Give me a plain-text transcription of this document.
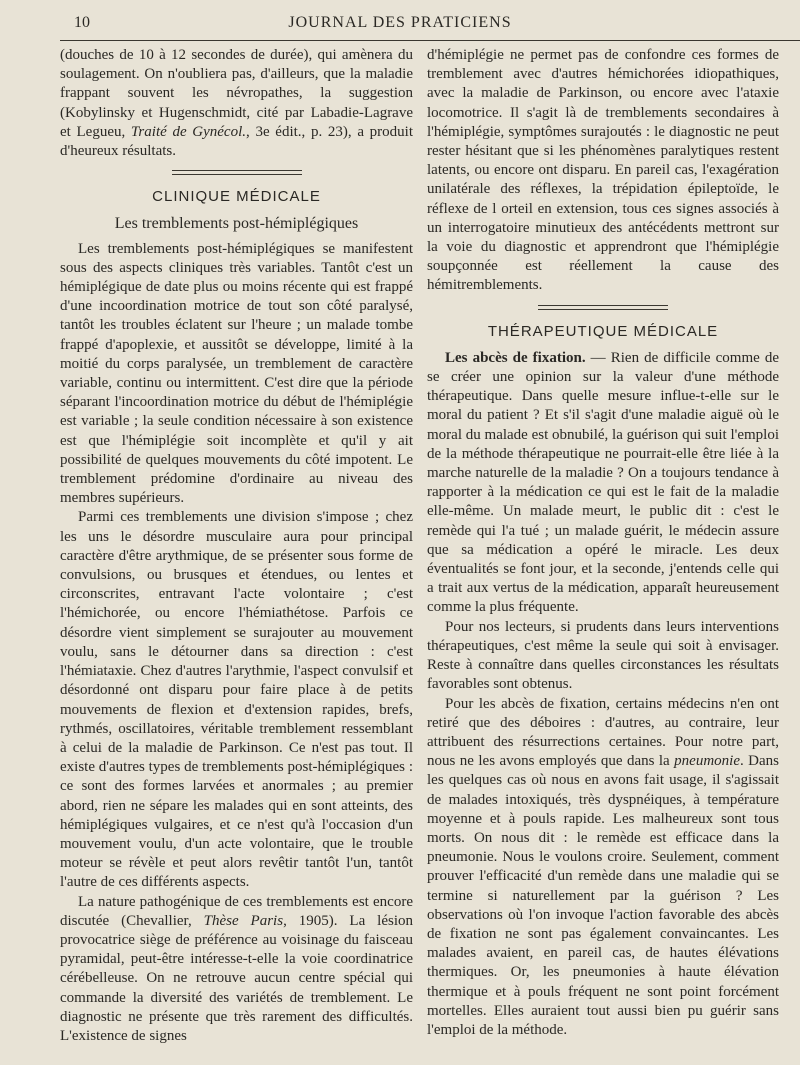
10	JOURNAL DES PRATICIENS

(douches de 10 à 12 secondes de durée), qui amènera du soulagement. On n'oubliera pas, d'ailleurs, que la maladie frappant souvent les névropathes, la suggestion (Kobylinsky et Hugenschmidt, cité par Labadie-Lagrave et Legueu, Traité de Gynécol., 3e édit., p. 23), a produit d'heureux résultats.

CLINIQUE MÉDICALE
Les tremblements post-hémiplégiques

Les tremblements post-hémiplégiques se manifestent sous des aspects cliniques très variables. Tantôt c'est un hémiplégique de date plus ou moins récente qui est frappé d'une incoordination motrice de tout son côté paralysé, tantôt les troubles éclatent sur l'heure ; un malade tombe frappé d'apoplexie, et aussitôt se développe, limité à la moitié du corps paralysée, un tremblement de caractère variable, continu ou intermittent. C'est dire que la période séparant l'incoordination motrice du début de l'hémiplégie est variable ; la seule condition nécessaire à son existence est que l'hémiplégie soit incomplète et qu'il y ait possibilité de quelques mouvements du côté impotent. Le tremblement prédomine d'ordinaire au niveau des membres supérieurs.

Parmi ces tremblements une division s'impose ; chez les uns le désordre musculaire aura pour principal caractère d'être arythmique, de se présenter sous forme de convulsions, ou brusques et étendues, ou lentes et circonscrites, entravant l'acte volontaire ; c'est l'hémichorée, ou encore l'hémiathétose. Parfois ce désordre vient simplement se surajouter au mouvement voulu, sans le détourner dans sa direction : c'est l'hémiataxie. Chez d'autres l'arythmie, l'aspect convulsif et désordonné ont disparu pour faire place à de petits mouvements de flexion et d'extension rapides, brefs, rythmés, oscillatoires, véritable tremblement ressemblant à celui de la maladie de Parkinson. Ce n'est pas tout. Il existe d'autres types de tremblements post-hémiplégiques : ce sont des formes larvées et anormales ; au premier abord, rien ne sépare les malades qui en sont atteints, des hémiplégiques vulgaires, et ce n'est qu'à l'occasion d'un mouvement voulu, d'un acte volontaire, que le trouble moteur se révèle et peut alors revêtir tantôt l'un, tantôt l'autre de ces différents aspects.

La nature pathogénique de ces tremblements est encore discutée (Chevallier, Thèse Paris, 1905). La lésion provocatrice siège de préférence au voisinage du faisceau pyramidal, peut-être intéresse-t-elle la voie coordinatrice cérébelleuse. On ne retrouve aucun centre spécial qui commande la diversité des variétés de tremblement. Le diagnostic ne présente que très rarement des difficultés. L'existence de signes

d'hémiplégie ne permet pas de confondre ces formes de tremblement avec d'autres hémichorées idiopathiques, avec la maladie de Parkinson, ou encore avec l'ataxie locomotrice. Il s'agit là de tremblements secondaires à l'hémiplégie, symptômes surajoutés : le diagnostic ne peut rester hésitant que si les phénomènes paralytiques restent latents, ou encore ont disparu. En pareil cas, l'exagération unilatérale des réflexes, la trépidation épileptoïde, le réflexe de l orteil en extension, tous ces signes associés à un interrogatoire minutieux des antécédents mettront sur la voie du diagnostic et apprendront que l'hémiplégie soupçonnée est réellement la cause des hémitremblements.

THÉRAPEUTIQUE MÉDICALE

Les abcès de fixation. — Rien de difficile comme de se créer une opinion sur la valeur d'une méthode thérapeutique. Dans quelle mesure influe-t-elle sur le moral du patient ? Et s'il s'agit d'une maladie aiguë où le moral du malade est obnubilé, la guérison qui suit l'emploi de la méthode thérapeutique ne pourrait-elle être liée à la marche naturelle de la maladie ? On a toujours tendance à rapporter à la médication ce qui est le fait de la maladie elle-même. Un malade meurt, le public dit : c'est le remède qui l'a tué ; un malade guérit, le médecin assure que sa médication a opéré le miracle. Les deux éventualités se font jour, et la seconde, j'entends celle qui a trait aux vertus de la médication, apparaît heureusement comme la plus fréquente.

Pour nos lecteurs, si prudents dans leurs interventions thérapeutiques, c'est même la seule qui soit à envisager. Reste à connaître dans quelles circonstances les résultats favorables sont obtenus.

Pour les abcès de fixation, certains médecins n'en ont retiré que des déboires : d'autres, au contraire, leur attribuent des résurrections certaines. Pour notre part, nous ne les avons employés que dans la pneumonie. Dans les quelques cas où nous en avons fait usage, il s'agissait de malades intoxiqués, très dyspnéiques, à température moyenne et à pouls rapide. Les malheureux sont tous morts. On nous dit : le remède est efficace dans la pneumonie. Nous le voulons croire. Seulement, comment prouver l'efficacité d'un remède dans une maladie qui se termine si naturellement par la guérison ? Les observations où l'on invoque l'action favorable des abcès de fixation ne sont pas également convaincantes. Les malades avaient, en pareil cas, de hautes élévations thermiques. Or, les pneumonies à haute élévation thermique et à pouls fréquent ne sont point forcément mortelles. Elles auraient tout aussi bien pu guérir sans l'emploi de la méthode.
